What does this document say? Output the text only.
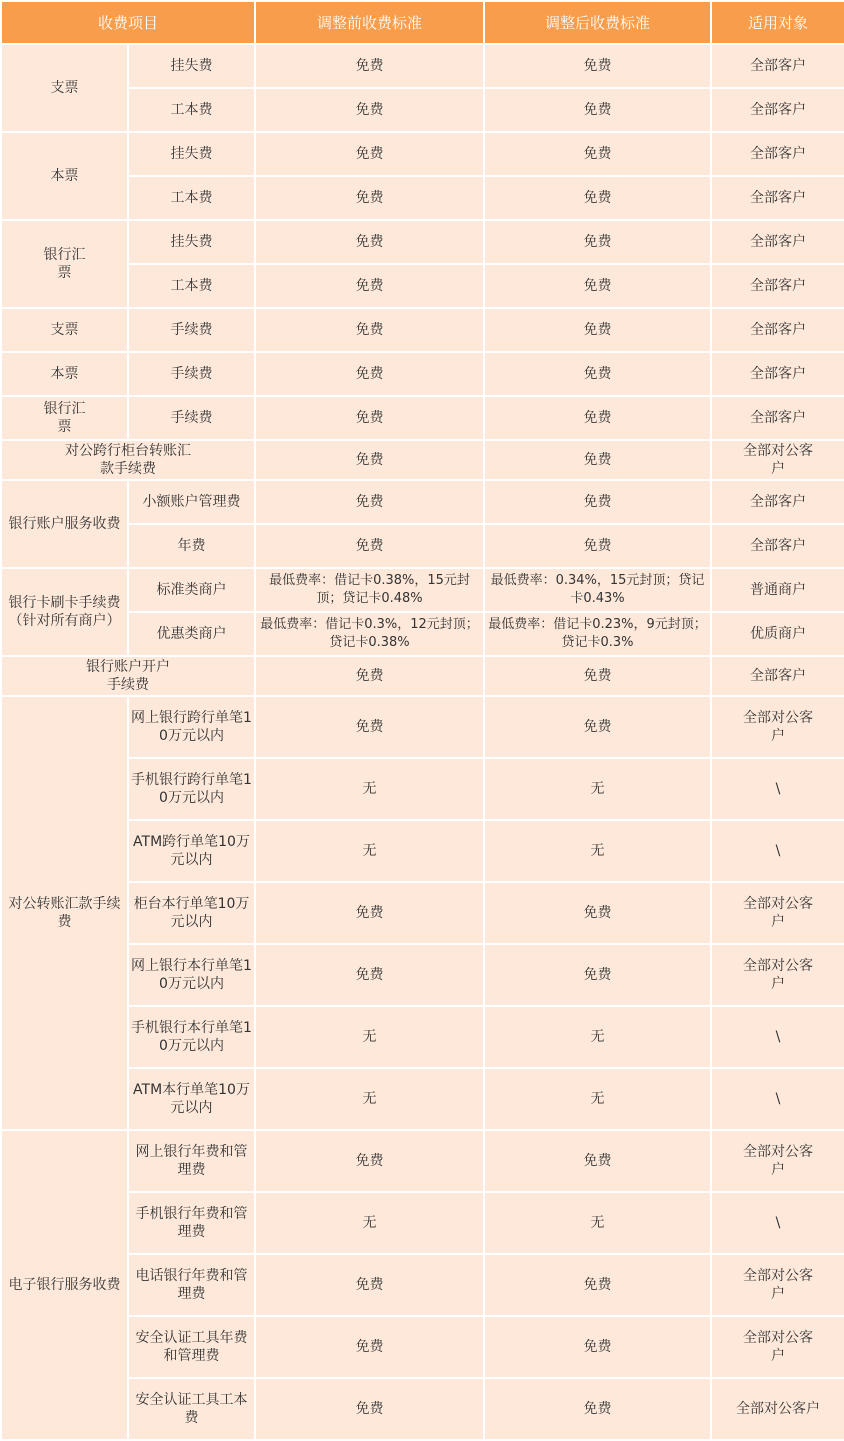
收费项目		调整前收费标准	调整后收费标准	适用对象
支票	挂失费	免费	免费	全部客户
	工本费	免费	免费	全部客户
本票	挂失费	免费	免费	全部客户
	工本费	免费	免费	全部客户
银行汇票	挂失费	免费	免费	全部客户
	工本费	免费	免费	全部客户
支票	手续费	免费	免费	全部客户
本票	手续费	免费	免费	全部客户
银行汇票	手续费	免费	免费	全部客户
对公跨行柜台转账汇款手续费		免费	免费	全部对公客户
银行账户服务收费	小额账户管理费	免费	免费	全部客户
	年费	免费	免费	全部客户
银行卡刷卡手续费（针对所有商户）	标准类商户	最低费率：借记卡0.38%，15元封顶；贷记卡0.48%	最低费率：0.34%，15元封顶；贷记卡0.43%	普通商户
	优惠类商户	最低费率：借记卡0.3%，12元封顶；贷记卡0.38%	最低费率：借记卡0.23%，9元封顶；贷记卡0.3%	优质商户
银行账户开户手续费		免费	免费	全部客户
对公转账汇款手续费	网上银行跨行单笔10万元以内	免费	免费	全部对公客户
	手机银行跨行单笔10万元以内	无	无	\
	ATM跨行单笔10万元以内	无	无	\
	柜台本行单笔10万元以内	免费	免费	全部对公客户
	网上银行本行单笔10万元以内	免费	免费	全部对公客户
	手机银行本行单笔10万元以内	无	无	\
	ATM本行单笔10万元以内	无	无	\
电子银行服务收费	网上银行年费和管理费	免费	免费	全部对公客户
	手机银行年费和管理费	无	无	\
	电话银行年费和管理费	免费	免费	全部对公客户
	安全认证工具年费和管理费	免费	免费	全部对公客户
	安全认证工具工本费	免费	免费	全部对公客户
